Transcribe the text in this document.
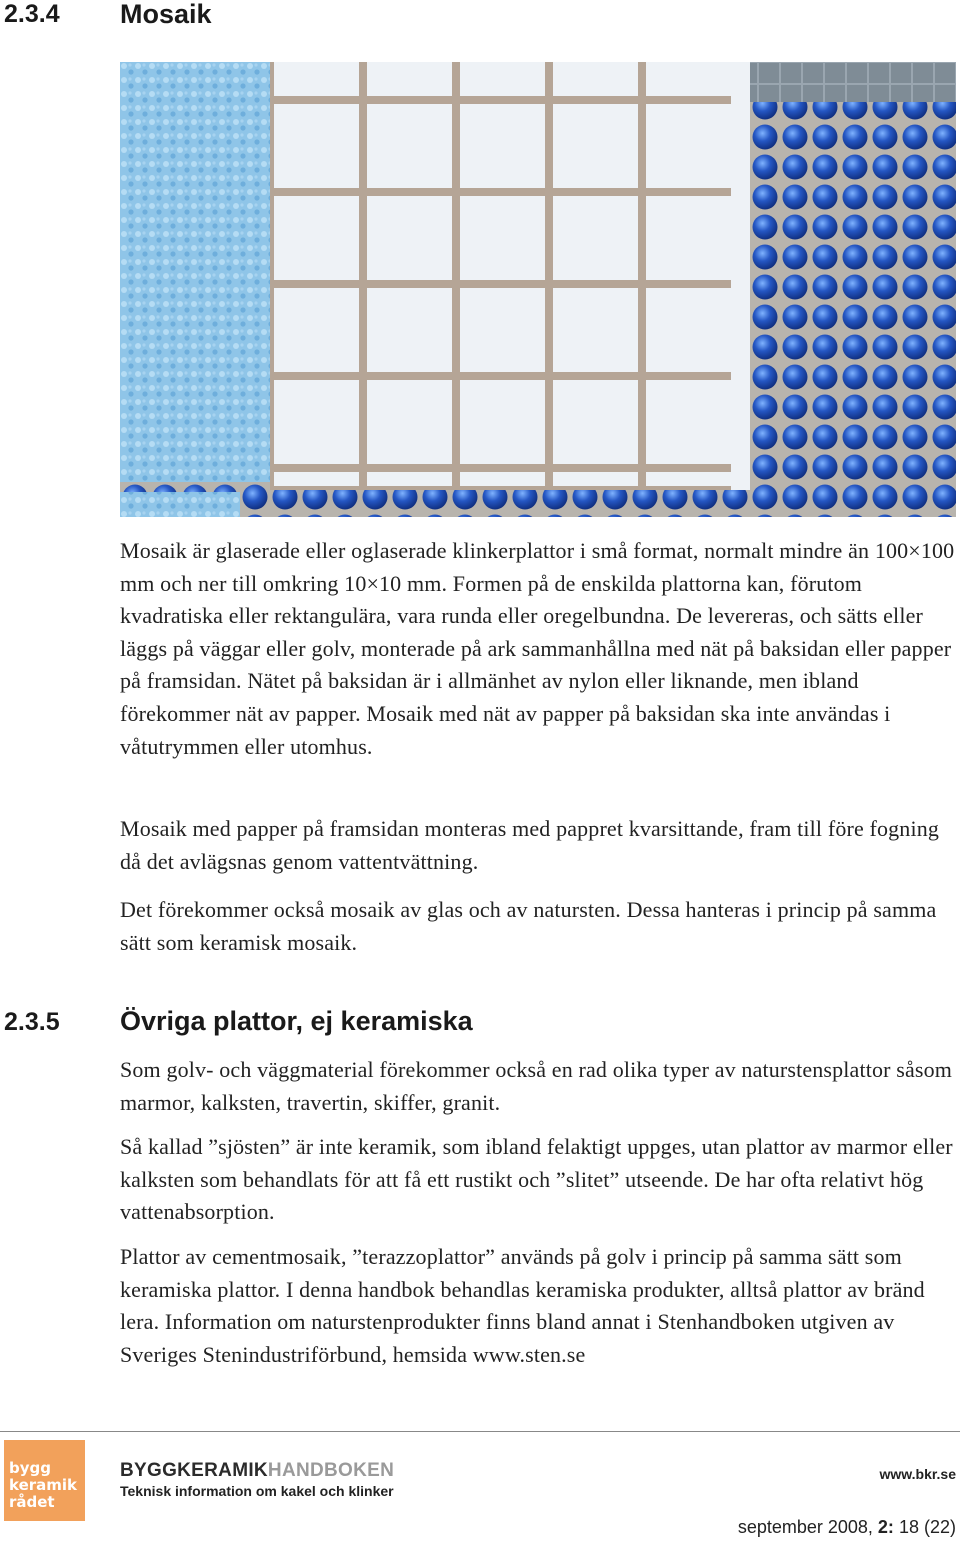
2.3.4 Mosaik

Mosaik är glaserade eller oglaserade klinkerplattor i små format, normalt mindre än 100×100 mm och ner till omkring 10×10 mm. Formen på de enskilda plattorna kan, förutom kvadratiska eller rektangulära, vara runda eller oregelbundna. De levereras, och sätts eller läggs på väggar eller golv, monterade på ark sammanhållna med nät på baksidan eller papper på framsidan. Nätet på baksidan är i allmänhet av nylon eller liknande, men ibland förekommer nät av papper. Mosaik med nät av papper på baksidan ska inte användas i våtutrymmen eller utomhus.

Mosaik med papper på framsidan monteras med pappret kvarsittande, fram till före fogning då det avlägsnas genom vattentvättning.

Det förekommer också mosaik av glas och av natursten. Dessa hanteras i princip på samma sätt som keramisk mosaik.

2.3.5 Övriga plattor, ej keramiska

Som golv- och väggmaterial förekommer också en rad olika typer av naturstensplattor såsom marmor, kalksten, travertin, skiffer, granit.

Så kallad ”sjösten” är inte keramik, som ibland felaktigt uppges, utan plattor av marmor eller kalksten som behandlats för att få ett rustikt och ”slitet” utseende. De har ofta relativt hög vattenabsorption.

Plattor av cementmosaik, ”terazzoplattor” används på golv i princip på samma sätt som keramiska plattor. I denna handbok behandlas keramiska produkter, alltså plattor av bränd lera. Information om naturstenprodukter finns bland annat i Stenhandboken utgiven av Sveriges Stenindustriförbund, hemsida www.sten.se

bygg
keramik
rådet
BYGGKERAMIKHANDBOKEN
Teknisk information om kakel och klinker
www.bkr.se
september 2008, 2: 18 (22)
